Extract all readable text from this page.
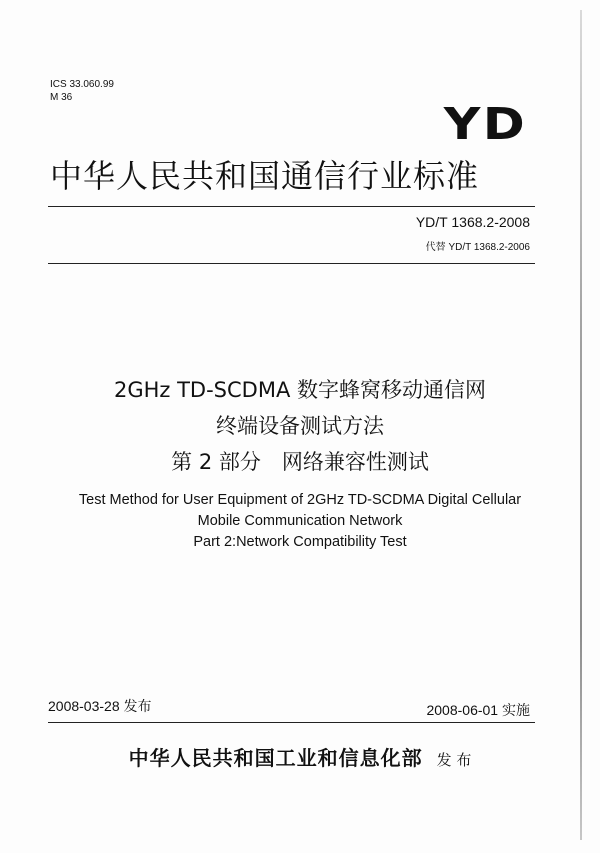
ICS 33.060.99
M 36
YD
中华人民共和国通信行业标准
YD/T 1368.2-2008
代替 YD/T 1368.2-2006
2GHz TD-SCDMA 数字蜂窝移动通信网
终端设备测试方法
第 2 部分　网络兼容性测试
Test Method for User Equipment of 2GHz TD-SCDMA Digital Cellular
Mobile Communication Network
Part 2:Network Compatibility Test
2008-03-28 发布	2008-06-01 实施
中华人民共和国工业和信息化部 发 布
